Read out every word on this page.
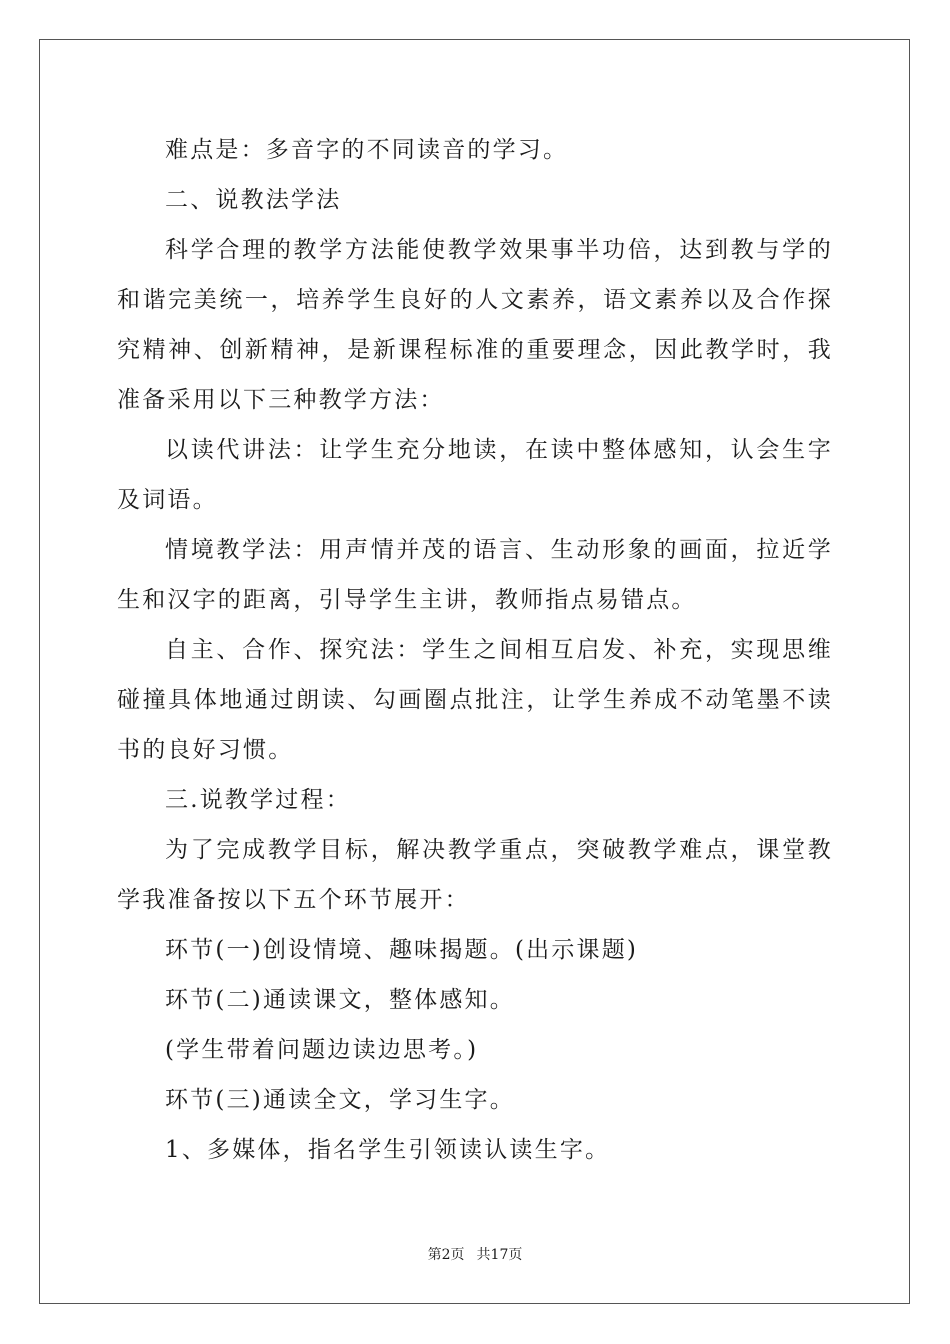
难点是：多音字的不同读音的学习。

二、说教法学法

科学合理的教学方法能使教学效果事半功倍，达到教与学的和谐完美统一，培养学生良好的人文素养，语文素养以及合作探究精神、创新精神，是新课程标准的重要理念，因此教学时，我准备采用以下三种教学方法：

以读代讲法：让学生充分地读，在读中整体感知，认会生字及词语。

情境教学法：用声情并茂的语言、生动形象的画面，拉近学生和汉字的距离，引导学生主讲，教师指点易错点。

自主、合作、探究法：学生之间相互启发、补充，实现思维碰撞具体地通过朗读、勾画圈点批注，让学生养成不动笔墨不读书的良好习惯。

三.说教学过程：

为了完成教学目标，解决教学重点，突破教学难点，课堂教学我准备按以下五个环节展开：

环节(一)创设情境、趣味揭题。(出示课题)

环节(二)通读课文，整体感知。

(学生带着问题边读边思考。)

环节(三)通读全文，学习生字。

1、多媒体，指名学生引领读认读生字。

第2页 共17页
